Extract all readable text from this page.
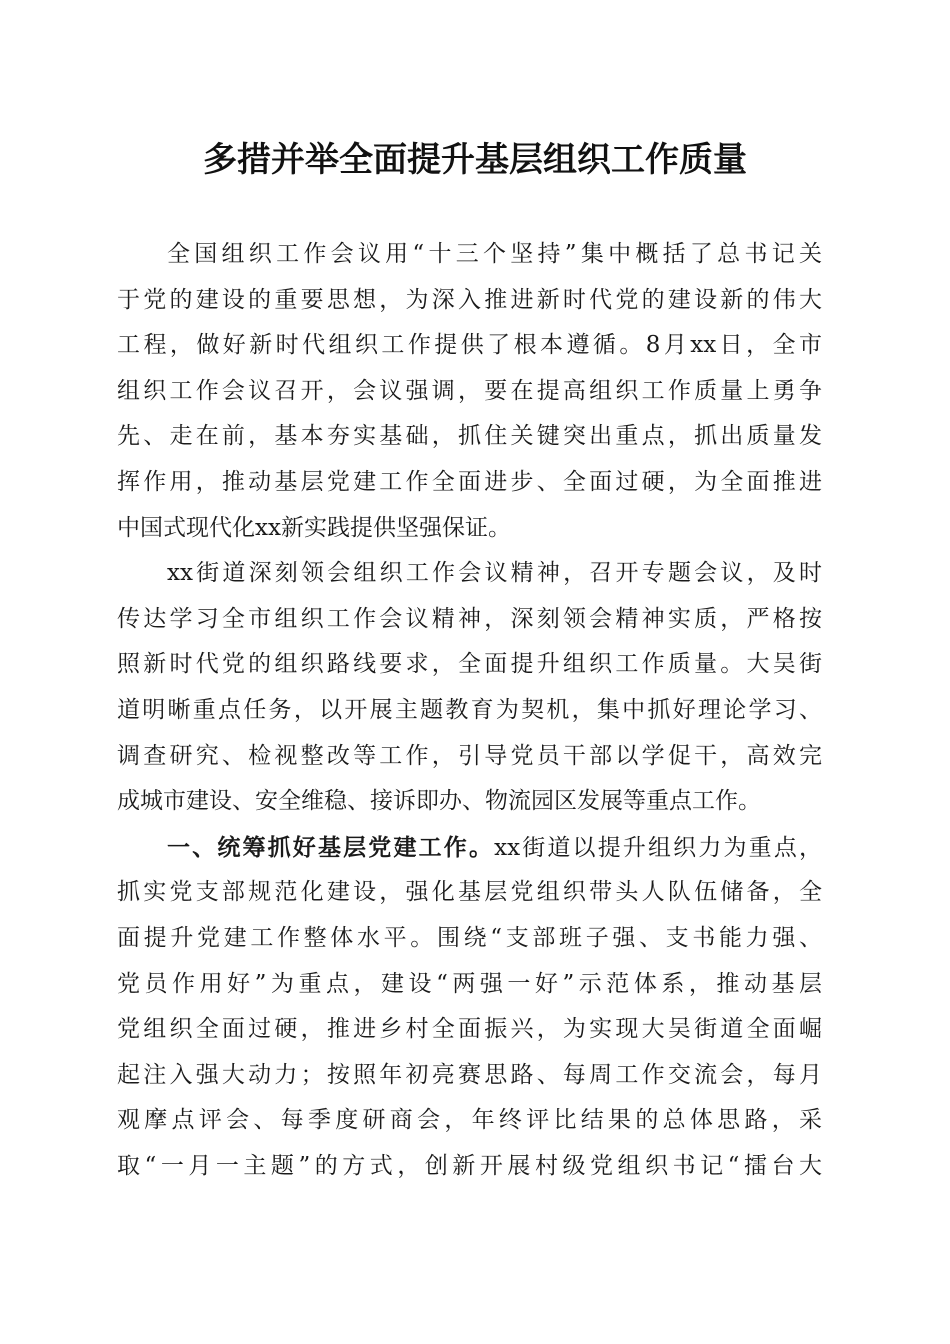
多措并举全面提升基层组织工作质量
全国组织工作会议用“十三个坚持”集中概括了总书记关
于党的建设的重要思想，为深入推进新时代党的建设新的伟大
工程，做好新时代组织工作提供了根本遵循。8月xx日，全市
组织工作会议召开，会议强调，要在提高组织工作质量上勇争
先、走在前，基本夯实基础，抓住关键突出重点，抓出质量发
挥作用，推动基层党建工作全面进步、全面过硬，为全面推进
中国式现代化xx新实践提供坚强保证。
xx街道深刻领会组织工作会议精神，召开专题会议，及时
传达学习全市组织工作会议精神，深刻领会精神实质，严格按
照新时代党的组织路线要求，全面提升组织工作质量。大吴街
道明晰重点任务，以开展主题教育为契机，集中抓好理论学习、
调查研究、检视整改等工作，引导党员干部以学促干，高效完
成城市建设、安全维稳、接诉即办、物流园区发展等重点工作。
一、统筹抓好基层党建工作。xx街道以提升组织力为重点，
抓实党支部规范化建设，强化基层党组织带头人队伍储备，全
面提升党建工作整体水平。围绕“支部班子强、支书能力强、
党员作用好”为重点，建设“两强一好”示范体系，推动基层
党组织全面过硬，推进乡村全面振兴，为实现大吴街道全面崛
起注入强大动力；按照年初亮赛思路、每周工作交流会，每月
观摩点评会、每季度研商会，年终评比结果的总体思路，采
取“一月一主题”的方式，创新开展村级党组织书记“擂台大
